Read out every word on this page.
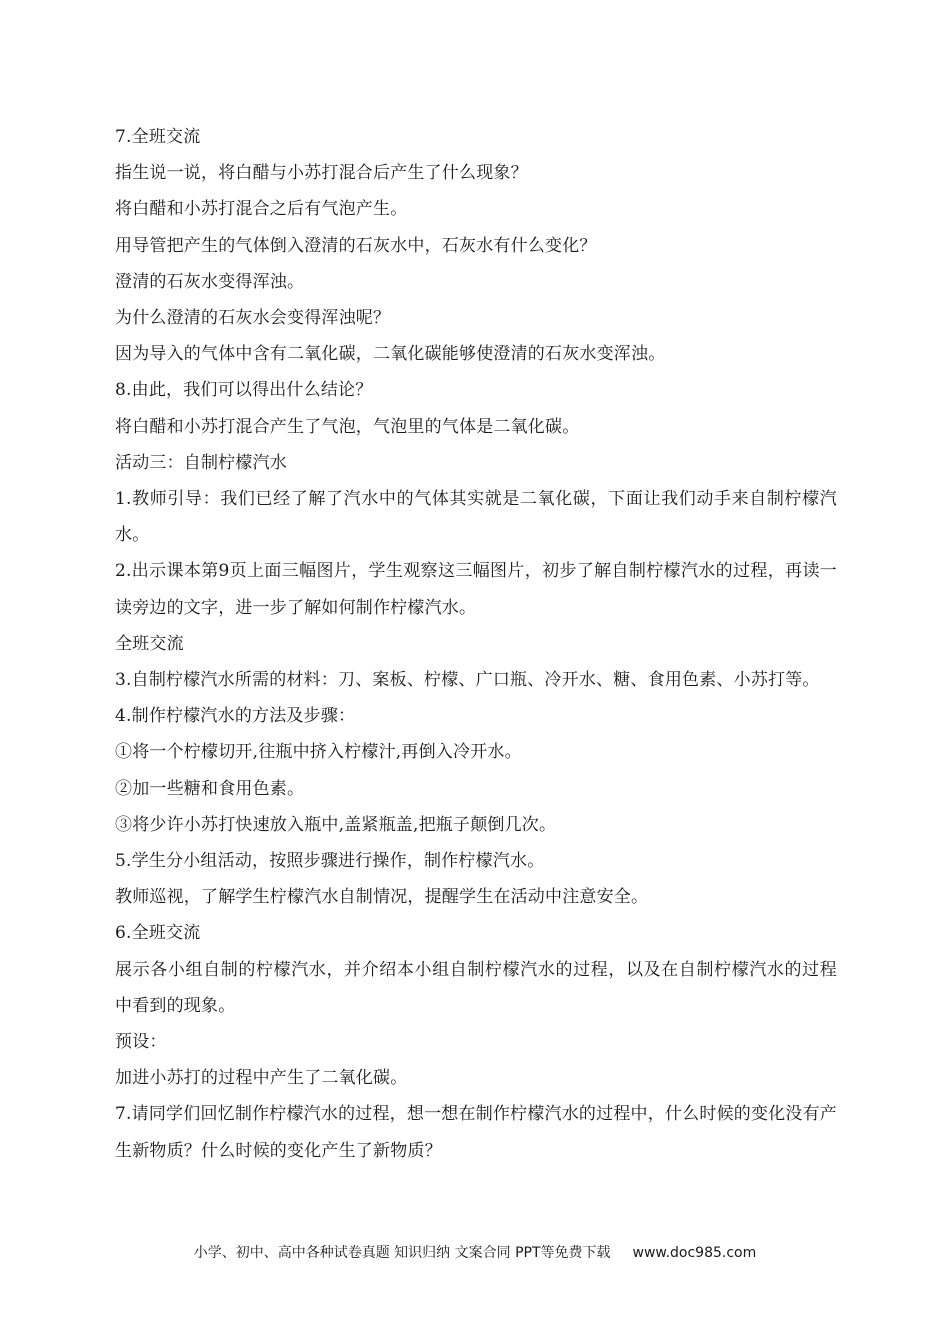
7.全班交流

指生说一说，将白醋与小苏打混合后产生了什么现象？

将白醋和小苏打混合之后有气泡产生。

用导管把产生的气体倒入澄清的石灰水中，石灰水有什么变化？

澄清的石灰水变得浑浊。

为什么澄清的石灰水会变得浑浊呢？

因为导入的气体中含有二氧化碳，二氧化碳能够使澄清的石灰水变浑浊。

8.由此，我们可以得出什么结论？

将白醋和小苏打混合产生了气泡，气泡里的气体是二氧化碳。

活动三：自制柠檬汽水

1.教师引导：我们已经了解了汽水中的气体其实就是二氧化碳，下面让我们动手来自制柠檬汽水。

2.出示课本第9页上面三幅图片，学生观察这三幅图片，初步了解自制柠檬汽水的过程，再读一读旁边的文字，进一步了解如何制作柠檬汽水。

全班交流

3.自制柠檬汽水所需的材料：刀、案板、柠檬、广口瓶、冷开水、糖、食用色素、小苏打等。

4.制作柠檬汽水的方法及步骤：

①将一个柠檬切开,往瓶中挤入柠檬汁,再倒入冷开水。

②加一些糖和食用色素。

③将少许小苏打快速放入瓶中,盖紧瓶盖,把瓶子颠倒几次。

5.学生分小组活动，按照步骤进行操作，制作柠檬汽水。

教师巡视，了解学生柠檬汽水自制情况，提醒学生在活动中注意安全。

6.全班交流

展示各小组自制的柠檬汽水，并介绍本小组自制柠檬汽水的过程，以及在自制柠檬汽水的过程中看到的现象。

预设：

加进小苏打的过程中产生了二氧化碳。

7.请同学们回忆制作柠檬汽水的过程，想一想在制作柠檬汽水的过程中，什么时候的变化没有产生新物质？什么时候的变化产生了新物质？

小学、初中、高中各种试卷真题 知识归纳 文案合同 PPT等免费下载 www.doc985.com
